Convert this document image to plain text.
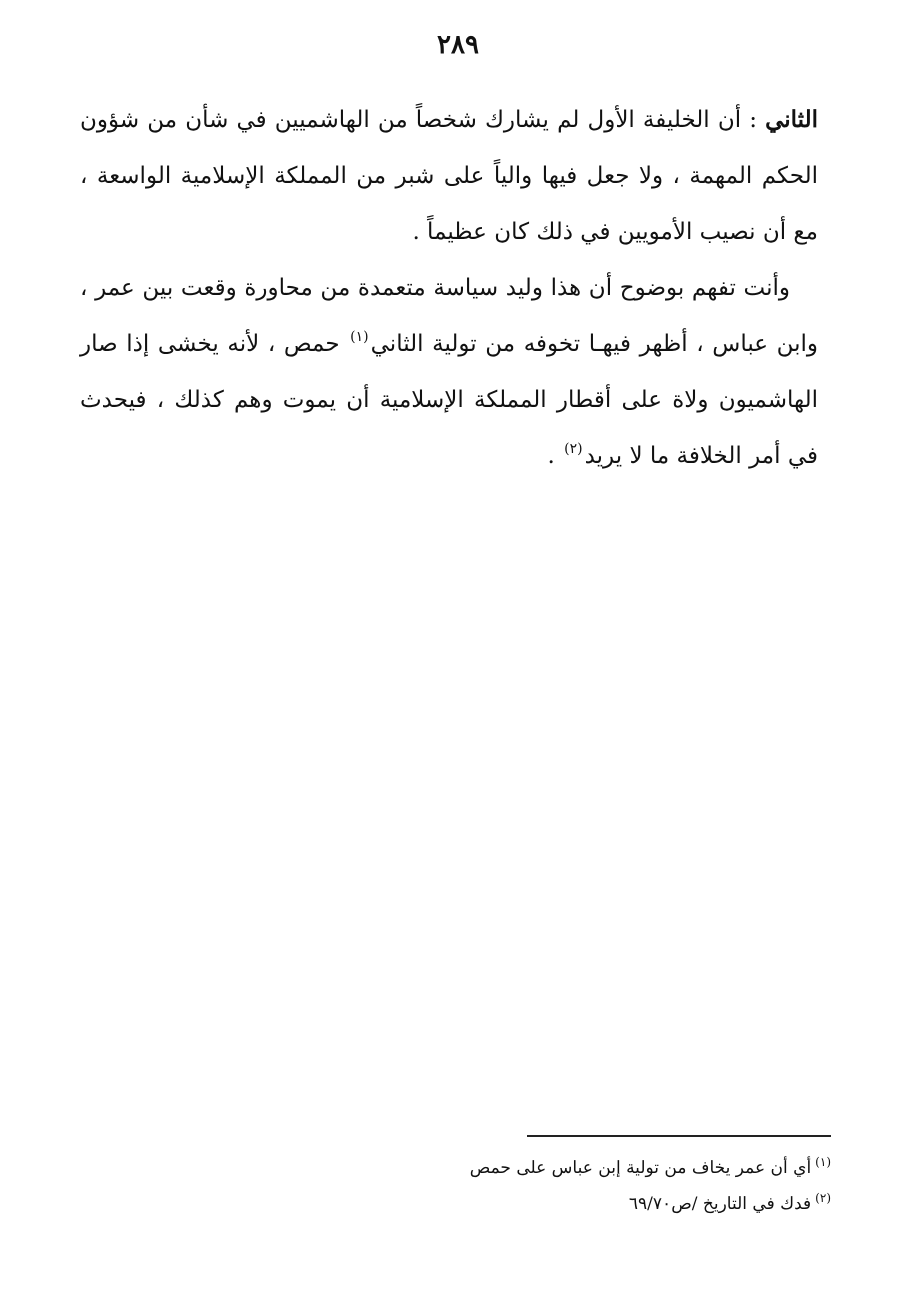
٢٨٩

الثاني : أن الخليفة الأول لم يشارك شخصاً من الهاشميين في شأن من شؤون الحكم المهمة ، ولا جعل فيها والياً على شبر من المملكة الإسلامية الواسعة ، مع أن نصيب الأمويين في ذلك كان عظيماً .

وأنت تفهم بوضوح أن هذا وليد سياسة متعمدة من محاورة وقعت بين عمر ، وابن عباس ، أظهر فيهـا تخوفه من تولية الثاني$^{(١)}$ حمص ، لأنه يخشى إذا صار الهاشميون ولاة على أقطار المملكة الإسلامية أن يموت وهم كذلك ، فيحدث في أمر الخلافة ما لا يريد$^{(٢)}$ .

$^{(١)}$أي أن عمر يخاف من تولية إبن عباس على حمص

$^{(٢)}$فدك في التاريخ /ص٦٩/٧٠
